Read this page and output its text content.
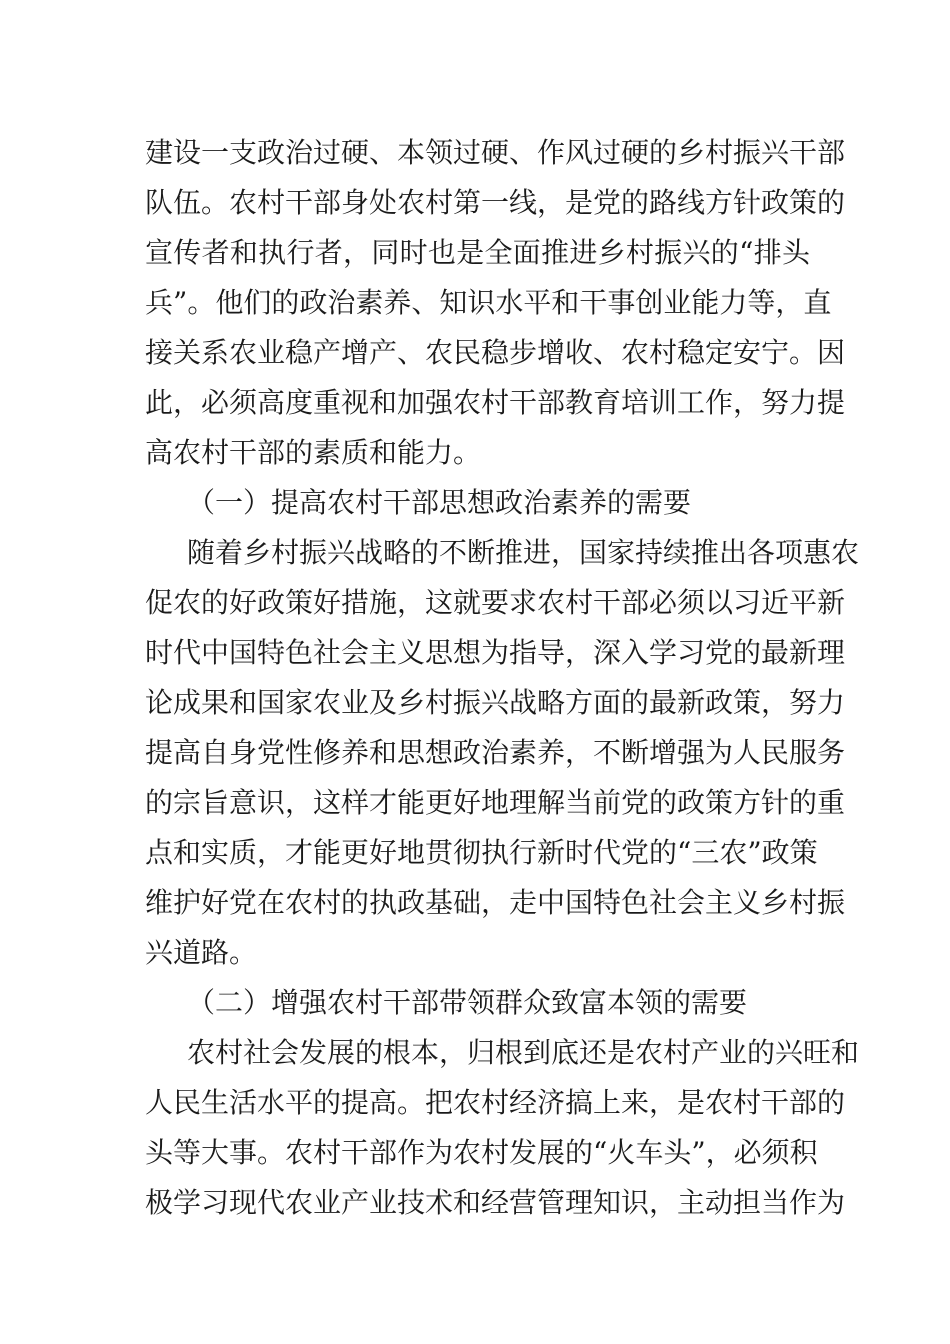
建设一支政治过硬、本领过硬、作风过硬的乡村振兴干部
队伍。农村干部身处农村第一线，是党的路线方针政策的
宣传者和执行者，同时也是全面推进乡村振兴的“排头
兵”。他们的政治素养、知识水平和干事创业能力等，直
接关系农业稳产增产、农民稳步增收、农村稳定安宁。因
此，必须高度重视和加强农村干部教育培训工作，努力提
高农村干部的素质和能力。
（一）提高农村干部思想政治素养的需要
随着乡村振兴战略的不断推进，国家持续推出各项惠农
促农的好政策好措施，这就要求农村干部必须以习近平新
时代中国特色社会主义思想为指导，深入学习党的最新理
论成果和国家农业及乡村振兴战略方面的最新政策，努力
提高自身党性修养和思想政治素养，不断增强为人民服务
的宗旨意识，这样才能更好地理解当前党的政策方针的重
点和实质，才能更好地贯彻执行新时代党的“三农”政策
维护好党在农村的执政基础，走中国特色社会主义乡村振
兴道路。
（二）增强农村干部带领群众致富本领的需要
农村社会发展的根本，归根到底还是农村产业的兴旺和
人民生活水平的提高。把农村经济搞上来，是农村干部的
头等大事。农村干部作为农村发展的“火车头”，必须积
极学习现代农业产业技术和经营管理知识，主动担当作为
